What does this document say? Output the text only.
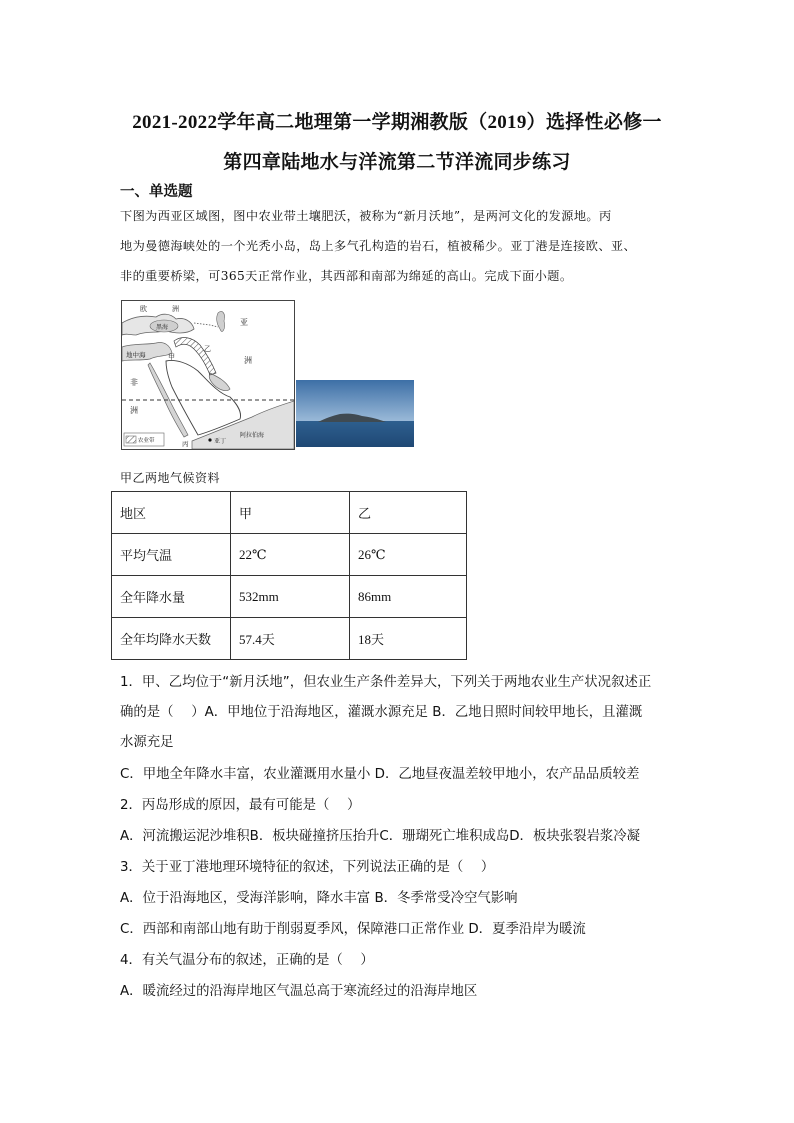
2021-2022学年高二地理第一学期湘教版（2019）选择性必修一
第四章陆地水与洋流第二节洋流同步练习
一、单选题
下图为西亚区域图，图中农业带土壤肥沃，被称为“新月沃地”，是两河文化的发源地。丙
地为曼德海峡处的一个光秃小岛，岛上多气孔构造的岩石，植被稀少。亚丁港是连接欧、亚、
非的重要桥梁，可365天正常作业，其西部和南部为绵延的高山。完成下面小题。
欧	洲
黑海
亚
洲
地中海	甲
乙
非
洲
丙	亚丁
阿拉伯海
农业带
甲乙两地气候资料
地区	甲	乙
平均气温	22℃	26℃
全年降水量	532mm	86mm
全年均降水天数	57.4天	18天
1．甲、乙均位于“新月沃地”，但农业生产条件差异大，下列关于两地农业生产状况叙述正
确的是（　 ）A．甲地位于沿海地区，灌溉水源充足 B．乙地日照时间较甲地长，且灌溉
水源充足
C．甲地全年降水丰富，农业灌溉用水量小 D．乙地昼夜温差较甲地小，农产品品质较差
2．丙岛形成的原因，最有可能是（　 ）
A．河流搬运泥沙堆积B．板块碰撞挤压抬升C．珊瑚死亡堆积成岛D．板块张裂岩浆冷凝
3．关于亚丁港地理环境特征的叙述，下列说法正确的是（　 ）
A．位于沿海地区，受海洋影响，降水丰富 B．冬季常受冷空气影响
C．西部和南部山地有助于削弱夏季风，保障港口正常作业 D．夏季沿岸为暖流
4．有关气温分布的叙述，正确的是（　 ）
A．暖流经过的沿海岸地区气温总高于寒流经过的沿海岸地区
